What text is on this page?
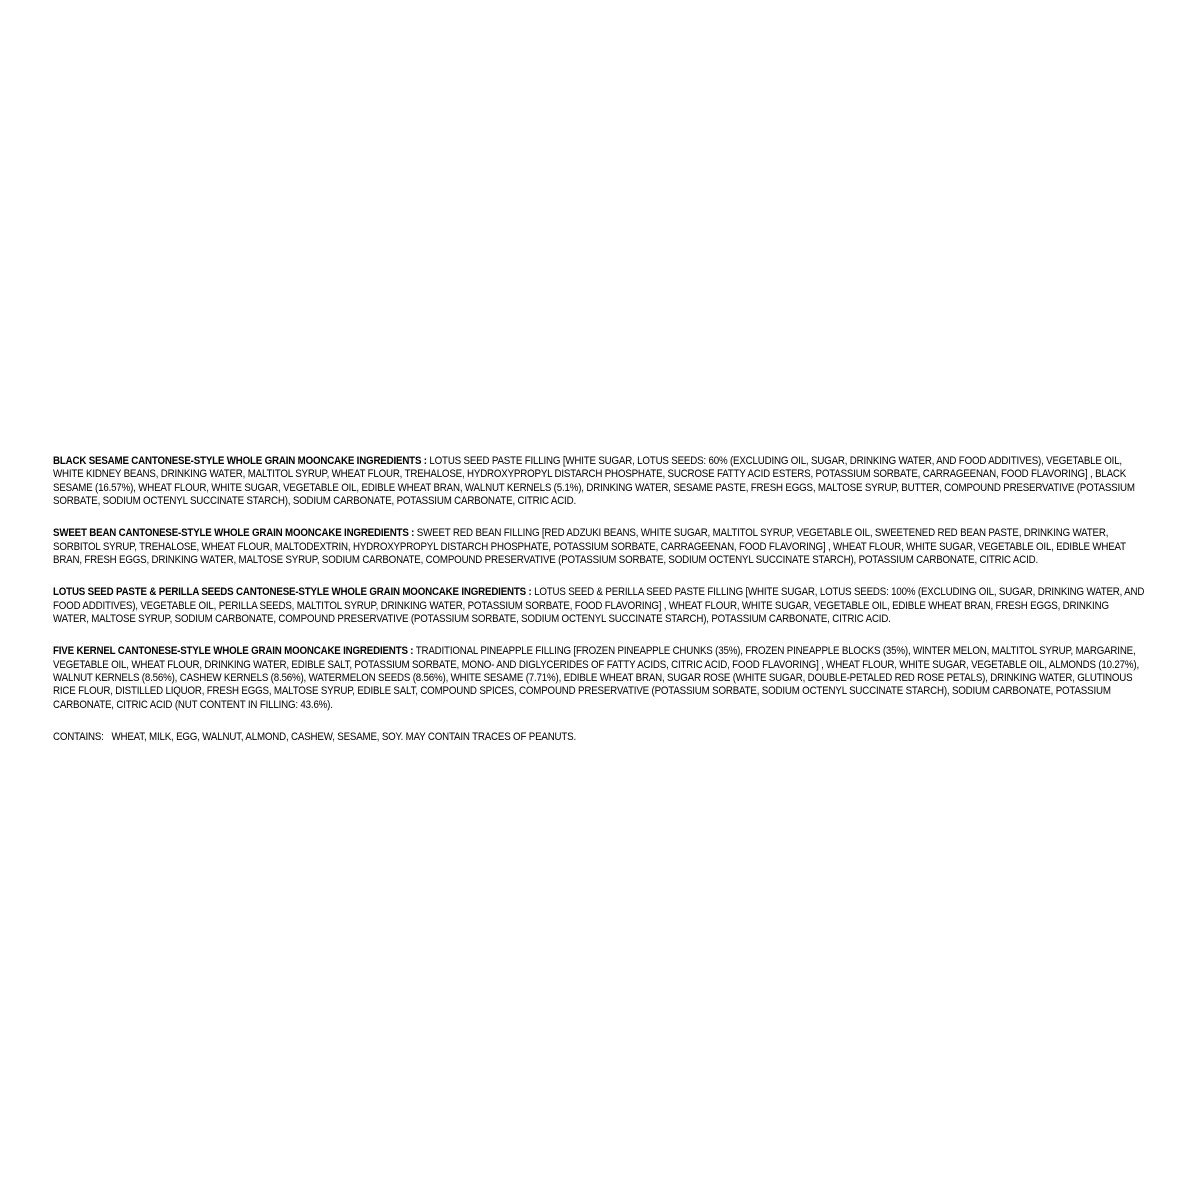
BLACK SESAME CANTONESE-STYLE WHOLE GRAIN MOONCAKE INGREDIENTS : LOTUS SEED PASTE FILLING [WHITE SUGAR, LOTUS SEEDS: 60% (EXCLUDING OIL, SUGAR, DRINKING WATER, AND FOOD ADDITIVES), VEGETABLE OIL, WHITE KIDNEY BEANS, DRINKING WATER, MALTITOL SYRUP, WHEAT FLOUR, TREHALOSE, HYDROXYPROPYL DISTARCH PHOSPHATE, SUCROSE FATTY ACID ESTERS, POTASSIUM SORBATE, CARRAGEENAN, FOOD FLAVORING] , BLACK SESAME (16.57%), WHEAT FLOUR, WHITE SUGAR, VEGETABLE OIL, EDIBLE WHEAT BRAN, WALNUT KERNELS (5.1%), DRINKING WATER, SESAME PASTE, FRESH EGGS, MALTOSE SYRUP, BUTTER, COMPOUND PRESERVATIVE (POTASSIUM SORBATE, SODIUM OCTENYL SUCCINATE STARCH), SODIUM CARBONATE, POTASSIUM CARBONATE, CITRIC ACID.

SWEET BEAN CANTONESE-STYLE WHOLE GRAIN MOONCAKE INGREDIENTS : SWEET RED BEAN FILLING [RED ADZUKI BEANS, WHITE SUGAR, MALTITOL SYRUP, VEGETABLE OIL, SWEETENED RED BEAN PASTE, DRINKING WATER, SORBITOL SYRUP, TREHALOSE, WHEAT FLOUR, MALTODEXTRIN, HYDROXYPROPYL DISTARCH PHOSPHATE, POTASSIUM SORBATE, CARRAGEENAN, FOOD FLAVORING] , WHEAT FLOUR, WHITE SUGAR, VEGETABLE OIL, EDIBLE WHEAT BRAN, FRESH EGGS, DRINKING WATER, MALTOSE SYRUP, SODIUM CARBONATE, COMPOUND PRESERVATIVE (POTASSIUM SORBATE, SODIUM OCTENYL SUCCINATE STARCH), POTASSIUM CARBONATE, CITRIC ACID.

LOTUS SEED PASTE & PERILLA SEEDS CANTONESE-STYLE WHOLE GRAIN MOONCAKE INGREDIENTS : LOTUS SEED & PERILLA SEED PASTE FILLING [WHITE SUGAR, LOTUS SEEDS: 100% (EXCLUDING OIL, SUGAR, DRINKING WATER, AND FOOD ADDITIVES), VEGETABLE OIL, PERILLA SEEDS, MALTITOL SYRUP, DRINKING WATER, POTASSIUM SORBATE, FOOD FLAVORING] , WHEAT FLOUR, WHITE SUGAR, VEGETABLE OIL, EDIBLE WHEAT BRAN, FRESH EGGS, DRINKING WATER, MALTOSE SYRUP, SODIUM CARBONATE, COMPOUND PRESERVATIVE (POTASSIUM SORBATE, SODIUM OCTENYL SUCCINATE STARCH), POTASSIUM CARBONATE, CITRIC ACID.

FIVE KERNEL CANTONESE-STYLE WHOLE GRAIN MOONCAKE INGREDIENTS : TRADITIONAL PINEAPPLE FILLING [FROZEN PINEAPPLE CHUNKS (35%), FROZEN PINEAPPLE BLOCKS (35%), WINTER MELON, MALTITOL SYRUP, MARGARINE, VEGETABLE OIL, WHEAT FLOUR, DRINKING WATER, EDIBLE SALT, POTASSIUM SORBATE, MONO- AND DIGLYCERIDES OF FATTY ACIDS, CITRIC ACID, FOOD FLAVORING] , WHEAT FLOUR, WHITE SUGAR, VEGETABLE OIL, ALMONDS (10.27%), WALNUT KERNELS (8.56%), CASHEW KERNELS (8.56%), WATERMELON SEEDS (8.56%), WHITE SESAME (7.71%), EDIBLE WHEAT BRAN, SUGAR ROSE (WHITE SUGAR, DOUBLE-PETALED RED ROSE PETALS), DRINKING WATER, GLUTINOUS RICE FLOUR, DISTILLED LIQUOR, FRESH EGGS, MALTOSE SYRUP, EDIBLE SALT, COMPOUND SPICES, COMPOUND PRESERVATIVE (POTASSIUM SORBATE, SODIUM OCTENYL SUCCINATE STARCH), SODIUM CARBONATE, POTASSIUM CARBONATE, CITRIC ACID (NUT CONTENT IN FILLING: 43.6%).

CONTAINS: WHEAT, MILK, EGG, WALNUT, ALMOND, CASHEW, SESAME, SOY. MAY CONTAIN TRACES OF PEANUTS.
